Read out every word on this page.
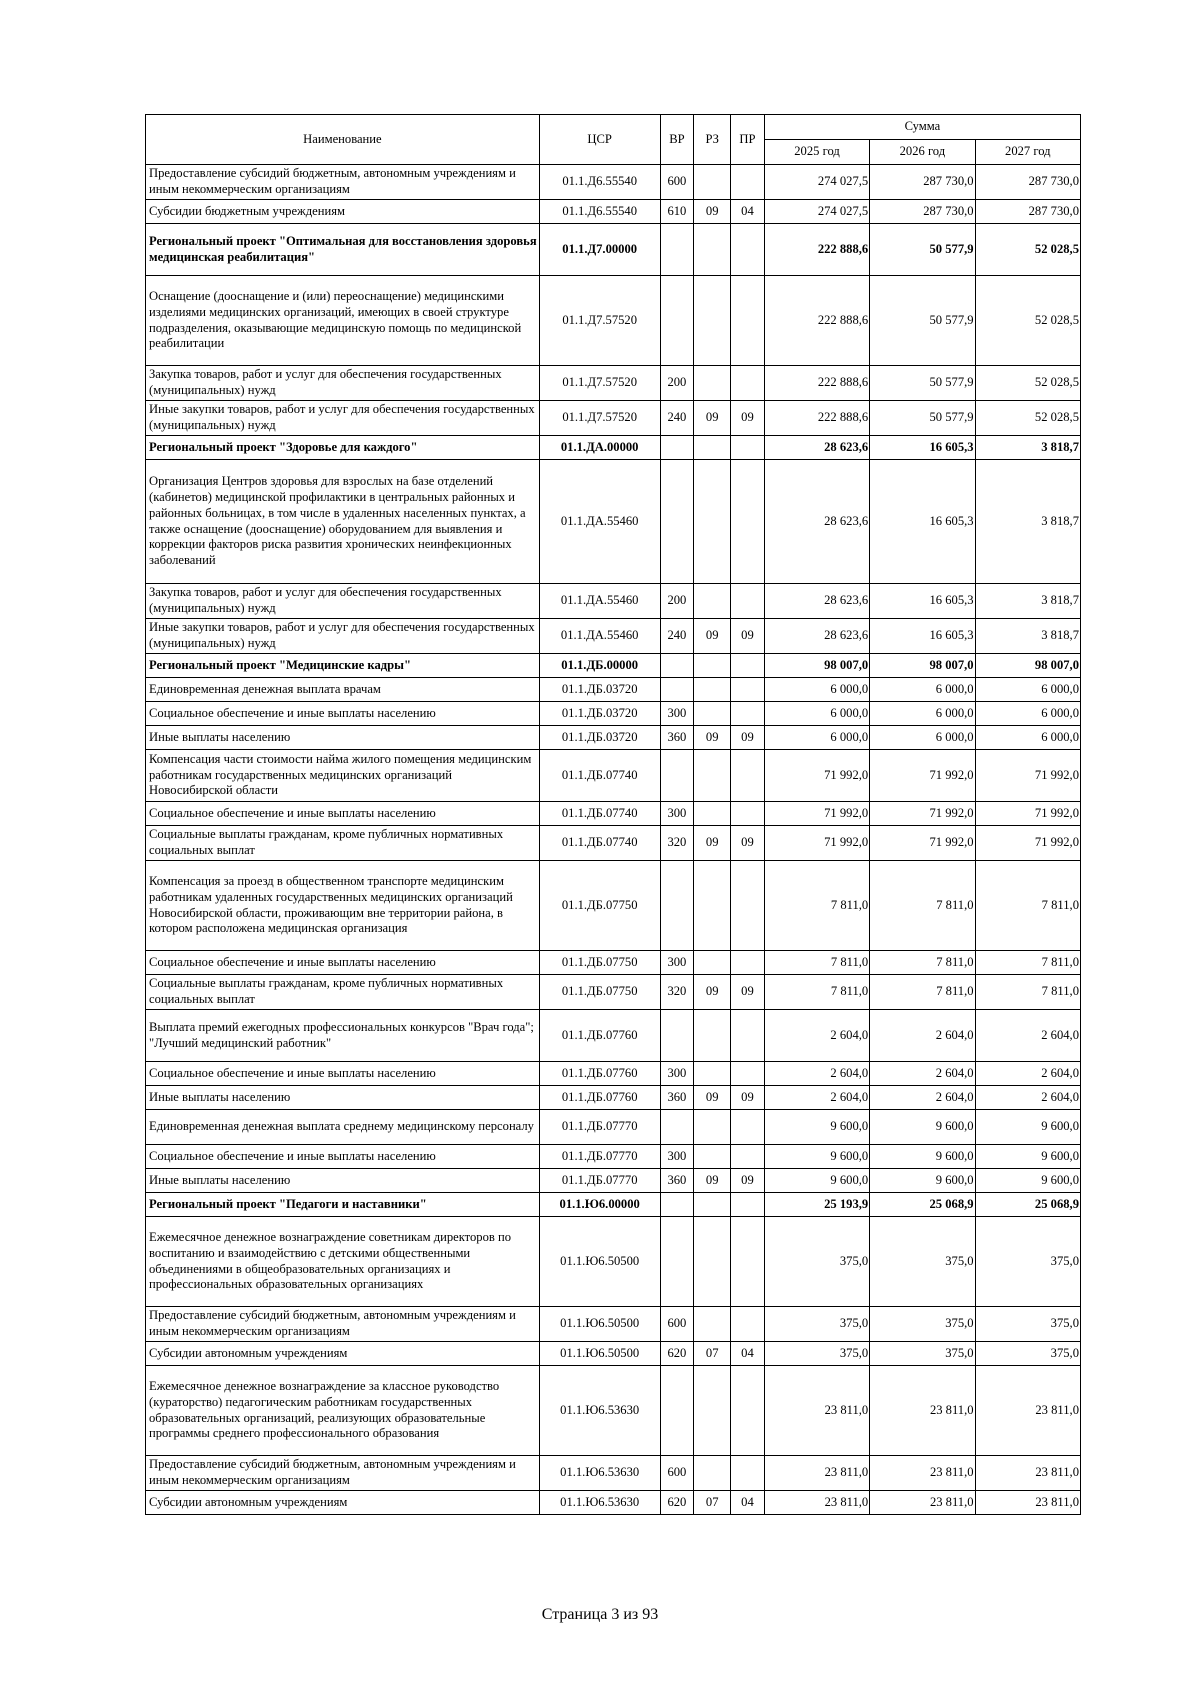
Наименование	ЦСР	ВР	РЗ	ПР	Сумма		
					2025 год	2026 год	2027 год
Предоставление субсидий бюджетным, автономным учреждениям и иным некоммерческим организациям	01.1.Д6.55540	600			274 027,5	287 730,0	287 730,0
Субсидии бюджетным учреждениям	01.1.Д6.55540	610	09	04	274 027,5	287 730,0	287 730,0
Региональный проект "Оптимальная для восстановления здоровья медицинская реабилитация"	01.1.Д7.00000				222 888,6	50 577,9	52 028,5
Оснащение (дооснащение и (или) переоснащение) медицинскими изделиями медицинских организаций, имеющих в своей структуре подразделения, оказывающие медицинскую помощь по медицинской реабилитации	01.1.Д7.57520				222 888,6	50 577,9	52 028,5
Закупка товаров, работ и услуг для обеспечения государственных (муниципальных) нужд	01.1.Д7.57520	200			222 888,6	50 577,9	52 028,5
Иные закупки товаров, работ и услуг для обеспечения государственных (муниципальных) нужд	01.1.Д7.57520	240	09	09	222 888,6	50 577,9	52 028,5
Региональный проект "Здоровье для каждого"	01.1.ДА.00000				28 623,6	16 605,3	3 818,7
Организация Центров здоровья для взрослых на базе отделений (кабинетов) медицинской профилактики в центральных районных и районных больницах, в том числе в удаленных населенных пунктах, а также оснащение (дооснащение) оборудованием для выявления и коррекции факторов риска развития хронических неинфекционных заболеваний	01.1.ДА.55460				28 623,6	16 605,3	3 818,7
Закупка товаров, работ и услуг для обеспечения государственных (муниципальных) нужд	01.1.ДА.55460	200			28 623,6	16 605,3	3 818,7
Иные закупки товаров, работ и услуг для обеспечения государственных (муниципальных) нужд	01.1.ДА.55460	240	09	09	28 623,6	16 605,3	3 818,7
Региональный проект "Медицинские кадры"	01.1.ДБ.00000				98 007,0	98 007,0	98 007,0
Единовременная денежная выплата врачам	01.1.ДБ.03720				6 000,0	6 000,0	6 000,0
Социальное обеспечение и иные выплаты населению	01.1.ДБ.03720	300			6 000,0	6 000,0	6 000,0
Иные выплаты населению	01.1.ДБ.03720	360	09	09	6 000,0	6 000,0	6 000,0
Компенсация части стоимости найма жилого помещения медицинским работникам государственных медицинских организаций Новосибирской области	01.1.ДБ.07740				71 992,0	71 992,0	71 992,0
Социальное обеспечение и иные выплаты населению	01.1.ДБ.07740	300			71 992,0	71 992,0	71 992,0
Социальные выплаты гражданам, кроме публичных нормативных социальных выплат	01.1.ДБ.07740	320	09	09	71 992,0	71 992,0	71 992,0
Компенсация за проезд в общественном транспорте медицинским работникам удаленных государственных медицинских организаций Новосибирской области, проживающим вне территории района, в котором расположена медицинская организация	01.1.ДБ.07750				7 811,0	7 811,0	7 811,0
Социальное обеспечение и иные выплаты населению	01.1.ДБ.07750	300			7 811,0	7 811,0	7 811,0
Социальные выплаты гражданам, кроме публичных нормативных социальных выплат	01.1.ДБ.07750	320	09	09	7 811,0	7 811,0	7 811,0
Выплата премий ежегодных профессиональных конкурсов "Врач года"; "Лучший медицинский работник"	01.1.ДБ.07760				2 604,0	2 604,0	2 604,0
Социальное обеспечение и иные выплаты населению	01.1.ДБ.07760	300			2 604,0	2 604,0	2 604,0
Иные выплаты населению	01.1.ДБ.07760	360	09	09	2 604,0	2 604,0	2 604,0
Единовременная денежная выплата среднему медицинскому персоналу	01.1.ДБ.07770				9 600,0	9 600,0	9 600,0
Социальное обеспечение и иные выплаты населению	01.1.ДБ.07770	300			9 600,0	9 600,0	9 600,0
Иные выплаты населению	01.1.ДБ.07770	360	09	09	9 600,0	9 600,0	9 600,0
Региональный проект "Педагоги и наставники"	01.1.Ю6.00000				25 193,9	25 068,9	25 068,9
Ежемесячное денежное вознаграждение советникам директоров по воспитанию и взаимодействию с детскими общественными объединениями в общеобразовательных организациях и профессиональных образовательных организациях	01.1.Ю6.50500				375,0	375,0	375,0
Предоставление субсидий бюджетным, автономным учреждениям и иным некоммерческим организациям	01.1.Ю6.50500	600			375,0	375,0	375,0
Субсидии автономным учреждениям	01.1.Ю6.50500	620	07	04	375,0	375,0	375,0
Ежемесячное денежное вознаграждение за классное руководство (кураторство) педагогическим работникам государственных образовательных организаций, реализующих образовательные программы среднего профессионального образования	01.1.Ю6.53630				23 811,0	23 811,0	23 811,0
Предоставление субсидий бюджетным, автономным учреждениям и иным некоммерческим организациям	01.1.Ю6.53630	600			23 811,0	23 811,0	23 811,0
Субсидии автономным учреждениям	01.1.Ю6.53630	620	07	04	23 811,0	23 811,0	23 811,0
Страница 3 из 93
